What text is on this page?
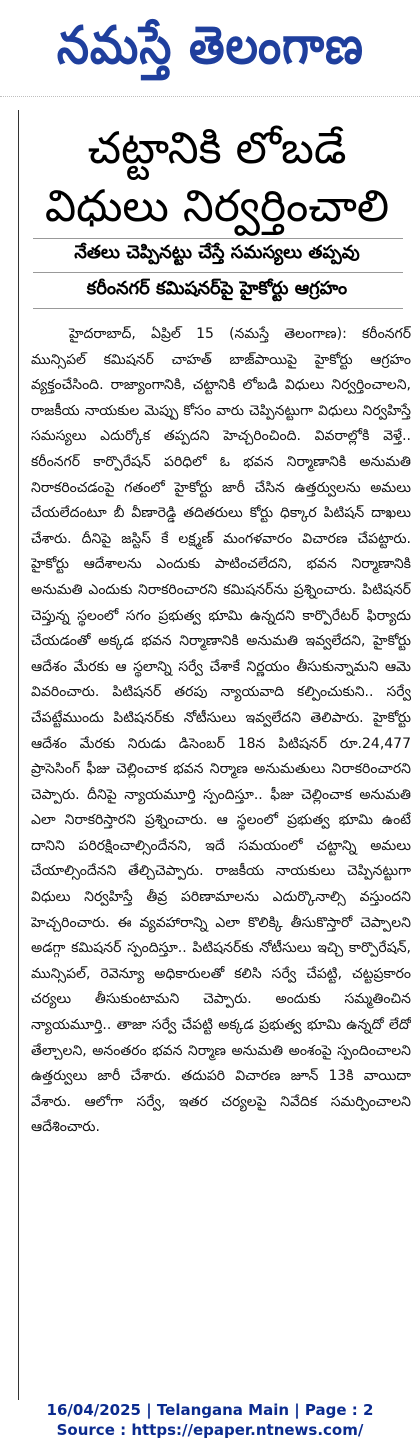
నమస్తే తెలంగాణ
చట్టానికి లోబడే విధులు నిర్వర్తించాలి
నేతలు చెప్పినట్టు చేస్తే సమస్యలు తప్పవు
కరీంనగర్ కమిషనర్‌పై హైకోర్టు ఆగ్రహం
హైదరాబాద్, ఏప్రిల్ 15 (నమస్తే తెలంగాణ): కరీంనగర్ మున్సిపల్ కమిషనర్ చాహత్ బాజ్‌పాయిపై హైకోర్టు ఆగ్రహం వ్యక్తంచేసింది. రాజ్యాంగానికి, చట్టానికి లోబడి విధులు నిర్వర్తించాలని, రాజకీయ నాయకుల మెప్పు కోసం వారు చెప్పినట్టుగా విధులు నిర్వహిస్తే సమస్యలు ఎదుర్కోక తప్పదని హెచ్చరించింది. వివరాల్లోకి వెళ్తే.. కరీంనగర్ కార్పొరేషన్ పరిధిలో ఓ భవన నిర్మాణానికి అనుమతి నిరాకరించడంపై గతంలో హైకోర్టు జారీ చేసిన ఉత్తర్వులను అమలు చేయలేదంటూ బీ వీణారెడ్డి తదితరులు కోర్టు ధిక్కార పిటిషన్ దాఖలు చేశారు. దీనిపై జస్టిస్ కే లక్ష్మణ్ మంగళవారం విచారణ చేపట్టారు. హైకోర్టు ఆదేశాలను ఎందుకు పాటించలేదని, భవన నిర్మాణానికి అనుమతి ఎందుకు నిరాకరించారని కమిషనర్‌ను ప్రశ్నించారు. పిటిషనర్ చెప్తున్న స్థలంలో సగం ప్రభుత్వ భూమి ఉన్నదని కార్పొరేటర్ ఫిర్యాదు చేయడంతో అక్కడ భవన నిర్మాణానికి అనుమతి ఇవ్వలేదని, హైకోర్టు ఆదేశం మేరకు ఆ స్థలాన్ని సర్వే చేశాకే నిర్ణయం తీసుకున్నామని ఆమె వివరించారు. పిటిషనర్ తరపు న్యాయవాది కల్పించుకుని.. సర్వే చేపట్టేముందు పిటిషనర్‌కు నోటీసులు ఇవ్వలేదని తెలిపారు. హైకోర్టు ఆదేశం మేరకు నిరుడు డిసెంబర్ 18న పిటిషనర్ రూ.24,477 ప్రాసెసింగ్ ఫీజు చెల్లించాక భవన నిర్మాణ అనుమతులు నిరాకరించారని చెప్పారు. దీనిపై న్యాయమూర్తి స్పందిస్తూ.. ఫీజు చెల్లించాక అనుమతి ఎలా నిరాకరిస్తారని ప్రశ్నించారు. ఆ స్థలంలో ప్రభుత్వ భూమి ఉంటే దానిని పరిరక్షించాల్సిందేనని, ఇదే సమయంలో చట్టాన్ని అమలు చేయాల్సిందేనని తేల్చిచెప్పారు. రాజకీయ నాయకులు చెప్పినట్టుగా విధులు నిర్వహిస్తే తీవ్ర పరిణామాలను ఎదుర్కొనాల్సి వస్తుందని హెచ్చరించారు. ఈ వ్యవహారాన్ని ఎలా కొలిక్కి తీసుకొస్తారో చెప్పాలని అడగ్గా కమిషనర్ స్పందిస్తూ.. పిటిషనర్‌కు నోటీసులు ఇచ్చి కార్పొరేషన్, మున్సిపల్, రెవెన్యూ అధికారులతో కలిసి సర్వే చేపట్టి, చట్టప్రకారం చర్యలు తీసుకుంటామని చెప్పారు. అందుకు సమ్మతించిన న్యాయమూర్తి.. తాజా సర్వే చేపట్టి అక్కడ ప్రభుత్వ భూమి ఉన్నదో లేదో తేల్చాలని, అనంతరం భవన నిర్మాణ అనుమతి అంశంపై స్పందించాలని ఉత్తర్వులు జారీ చేశారు. తదుపరి విచారణ జూన్ 13కి వాయిదా వేశారు. ఆలోగా సర్వే, ఇతర చర్యలపై నివేదిక సమర్పించాలని ఆదేశించారు.
16/04/2025 | Telangana Main | Page : 2
Source : https://epaper.ntnews.com/
